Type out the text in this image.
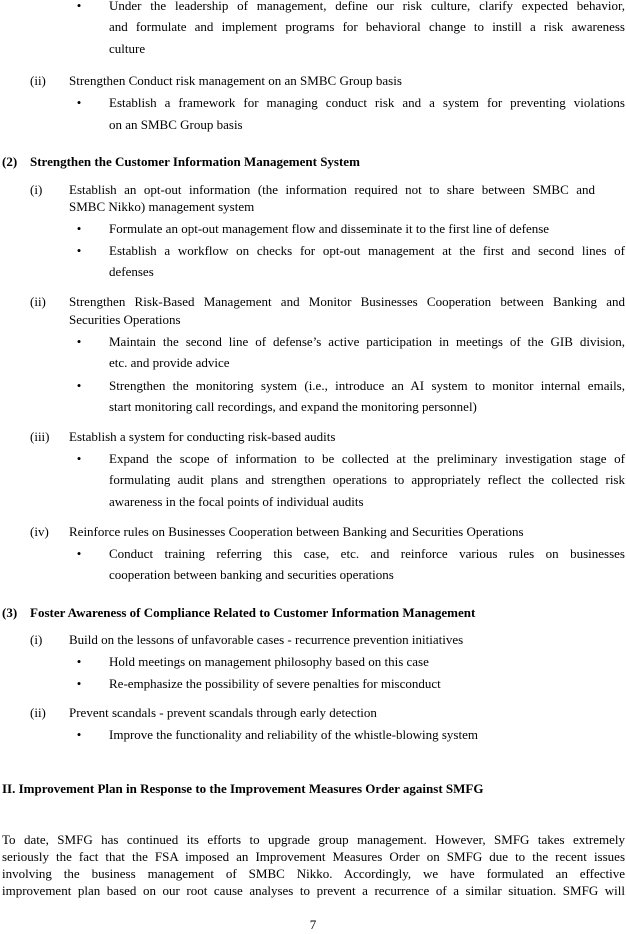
• Under the leadership of management, define our risk culture, clarify expected behavior,
and formulate and implement programs for behavioral change to instill a risk awareness
culture
(ii) Strengthen Conduct risk management on an SMBC Group basis
• Establish a framework for managing conduct risk and a system for preventing violations
on an SMBC Group basis
(2) Strengthen the Customer Information Management System
(i) Establish an opt-out information (the information required not to share between SMBC and
SMBC Nikko) management system
• Formulate an opt-out management flow and disseminate it to the first line of defense
• Establish a workflow on checks for opt-out management at the first and second lines of
defenses
(ii) Strengthen Risk-Based Management and Monitor Businesses Cooperation between Banking and
Securities Operations
• Maintain the second line of defense’s active participation in meetings of the GIB division,
etc. and provide advice
• Strengthen the monitoring system (i.e., introduce an AI system to monitor internal emails,
start monitoring call recordings, and expand the monitoring personnel)
(iii) Establish a system for conducting risk-based audits
• Expand the scope of information to be collected at the preliminary investigation stage of
formulating audit plans and strengthen operations to appropriately reflect the collected risk
awareness in the focal points of individual audits
(iv) Reinforce rules on Businesses Cooperation between Banking and Securities Operations
• Conduct training referring this case, etc. and reinforce various rules on businesses
cooperation between banking and securities operations
(3) Foster Awareness of Compliance Related to Customer Information Management
(i) Build on the lessons of unfavorable cases - recurrence prevention initiatives
• Hold meetings on management philosophy based on this case
• Re-emphasize the possibility of severe penalties for misconduct
(ii) Prevent scandals - prevent scandals through early detection
• Improve the functionality and reliability of the whistle-blowing system
II. Improvement Plan in Response to the Improvement Measures Order against SMFG
To date, SMFG has continued its efforts to upgrade group management. However, SMFG takes extremely
seriously the fact that the FSA imposed an Improvement Measures Order on SMFG due to the recent issues
involving the business management of SMBC Nikko. Accordingly, we have formulated an effective
improvement plan based on our root cause analyses to prevent a recurrence of a similar situation. SMFG will
7
